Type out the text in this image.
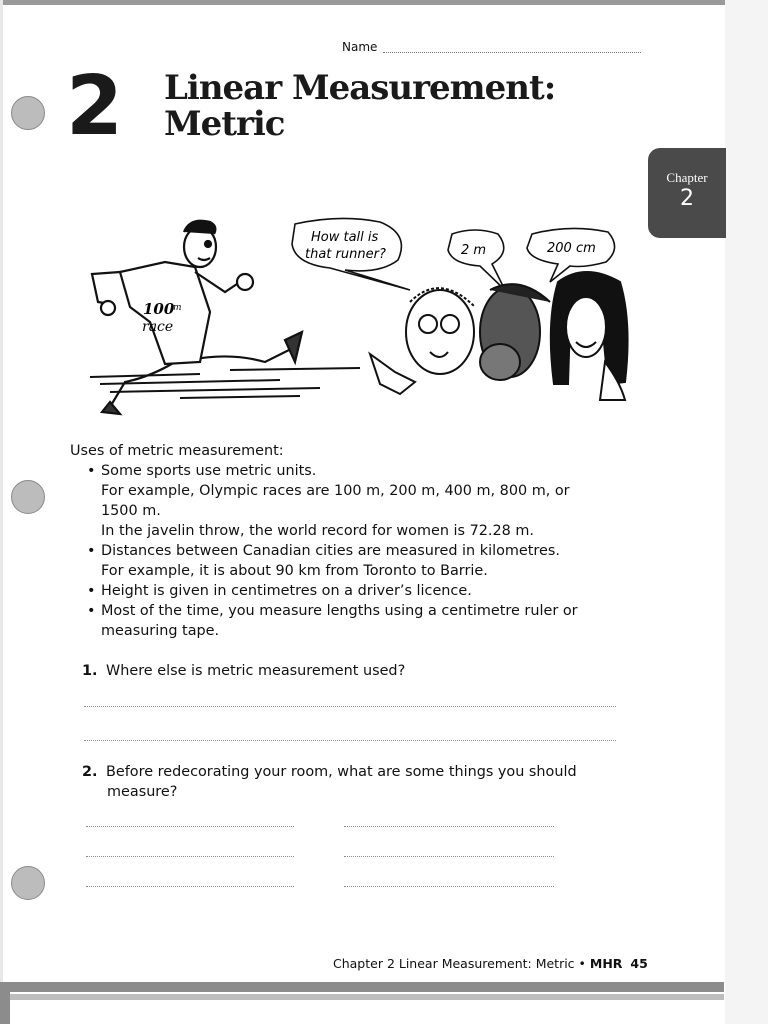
Name
2 Linear Measurement:
Metric
Chapter
2
100
m
race
How tall is
that runner?	2 m	200 cm

Uses of metric measurement:

• Some sports use metric units.
For example, Olympic races are 100 m, 200 m, 400 m, 800 m, or
1500 m.
In the javelin throw, the world record for women is 72.28 m.
• Distances between Canadian cities are measured in kilometres.
For example, it is about 90 km from Toronto to Barrie.
• Height is given in centimetres on a driver’s licence.
• Most of the time, you measure lengths using a centimetre ruler or
measuring tape.
1. Where else is metric measurement used?
2. Before redecorating your room, what are some things you should
measure?
Chapter 2 Linear Measurement: Metric • MHR 45
